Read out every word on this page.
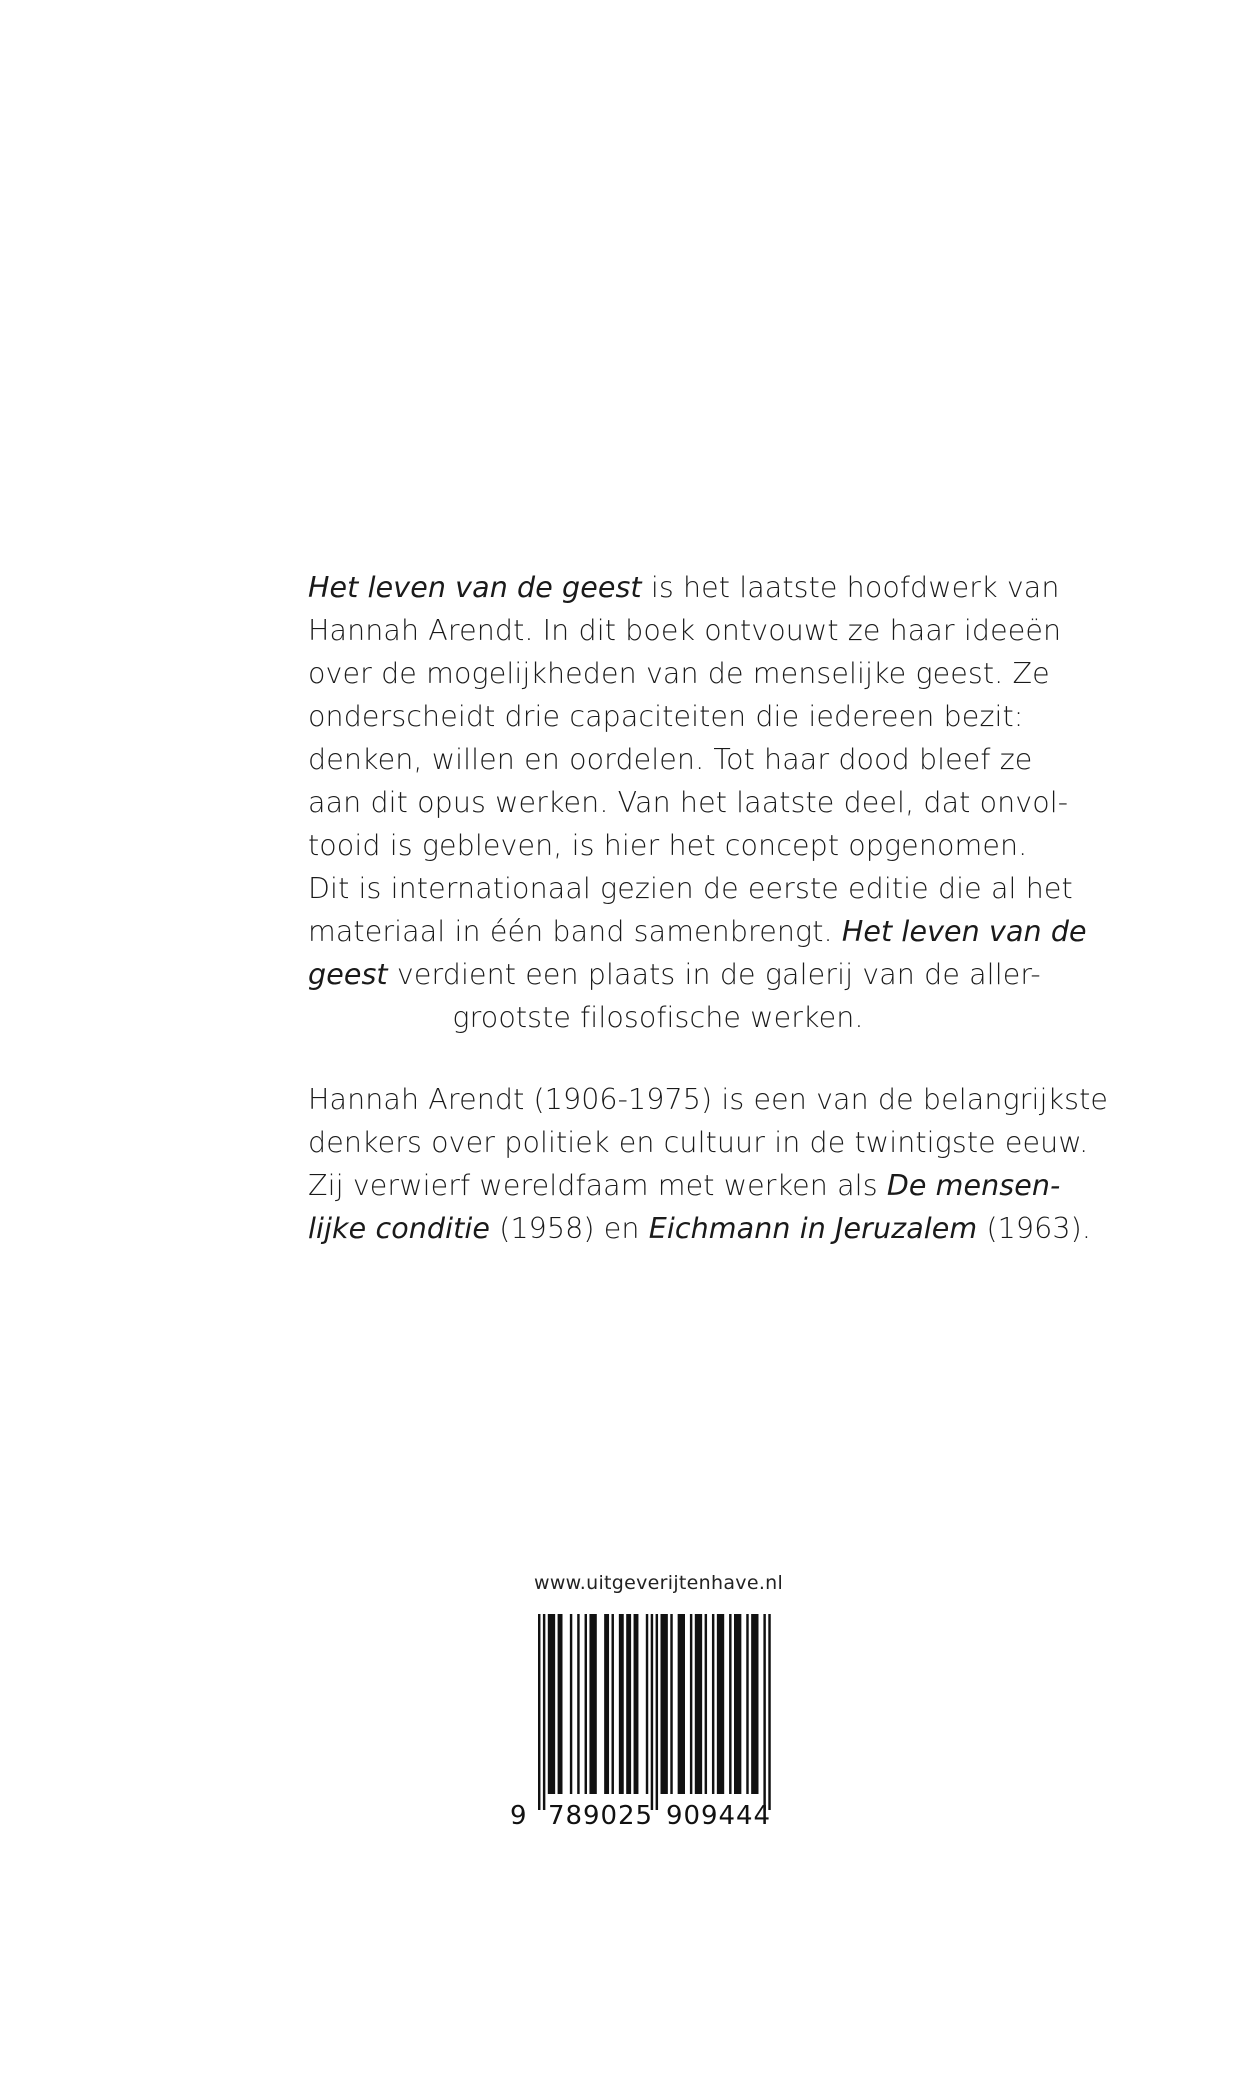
Het leven van de geest is het laatste hoofdwerk van
Hannah Arendt. In dit boek ontvouwt ze haar ideeën
over de mogelijkheden van de menselijke geest. Ze
onderscheidt drie capaciteiten die iedereen bezit:
denken, willen en oordelen. Tot haar dood bleef ze
aan dit opus werken. Van het laatste deel, dat onvol-
tooid is gebleven, is hier het concept opgenomen.
Dit is internationaal gezien de eerste editie die al het
materiaal in één band samenbrengt. Het leven van de
geest verdient een plaats in de galerij van de aller-
grootste filosofische werken.
Hannah Arendt (1906-1975) is een van de belangrijkste
denkers over politiek en cultuur in de twintigste eeuw.
Zij verwierf wereldfaam met werken als De mensen-
lijke conditie (1958) en Eichmann in Jeruzalem (1963).
www.uitgeverijtenhave.nl
9 789025 909444
